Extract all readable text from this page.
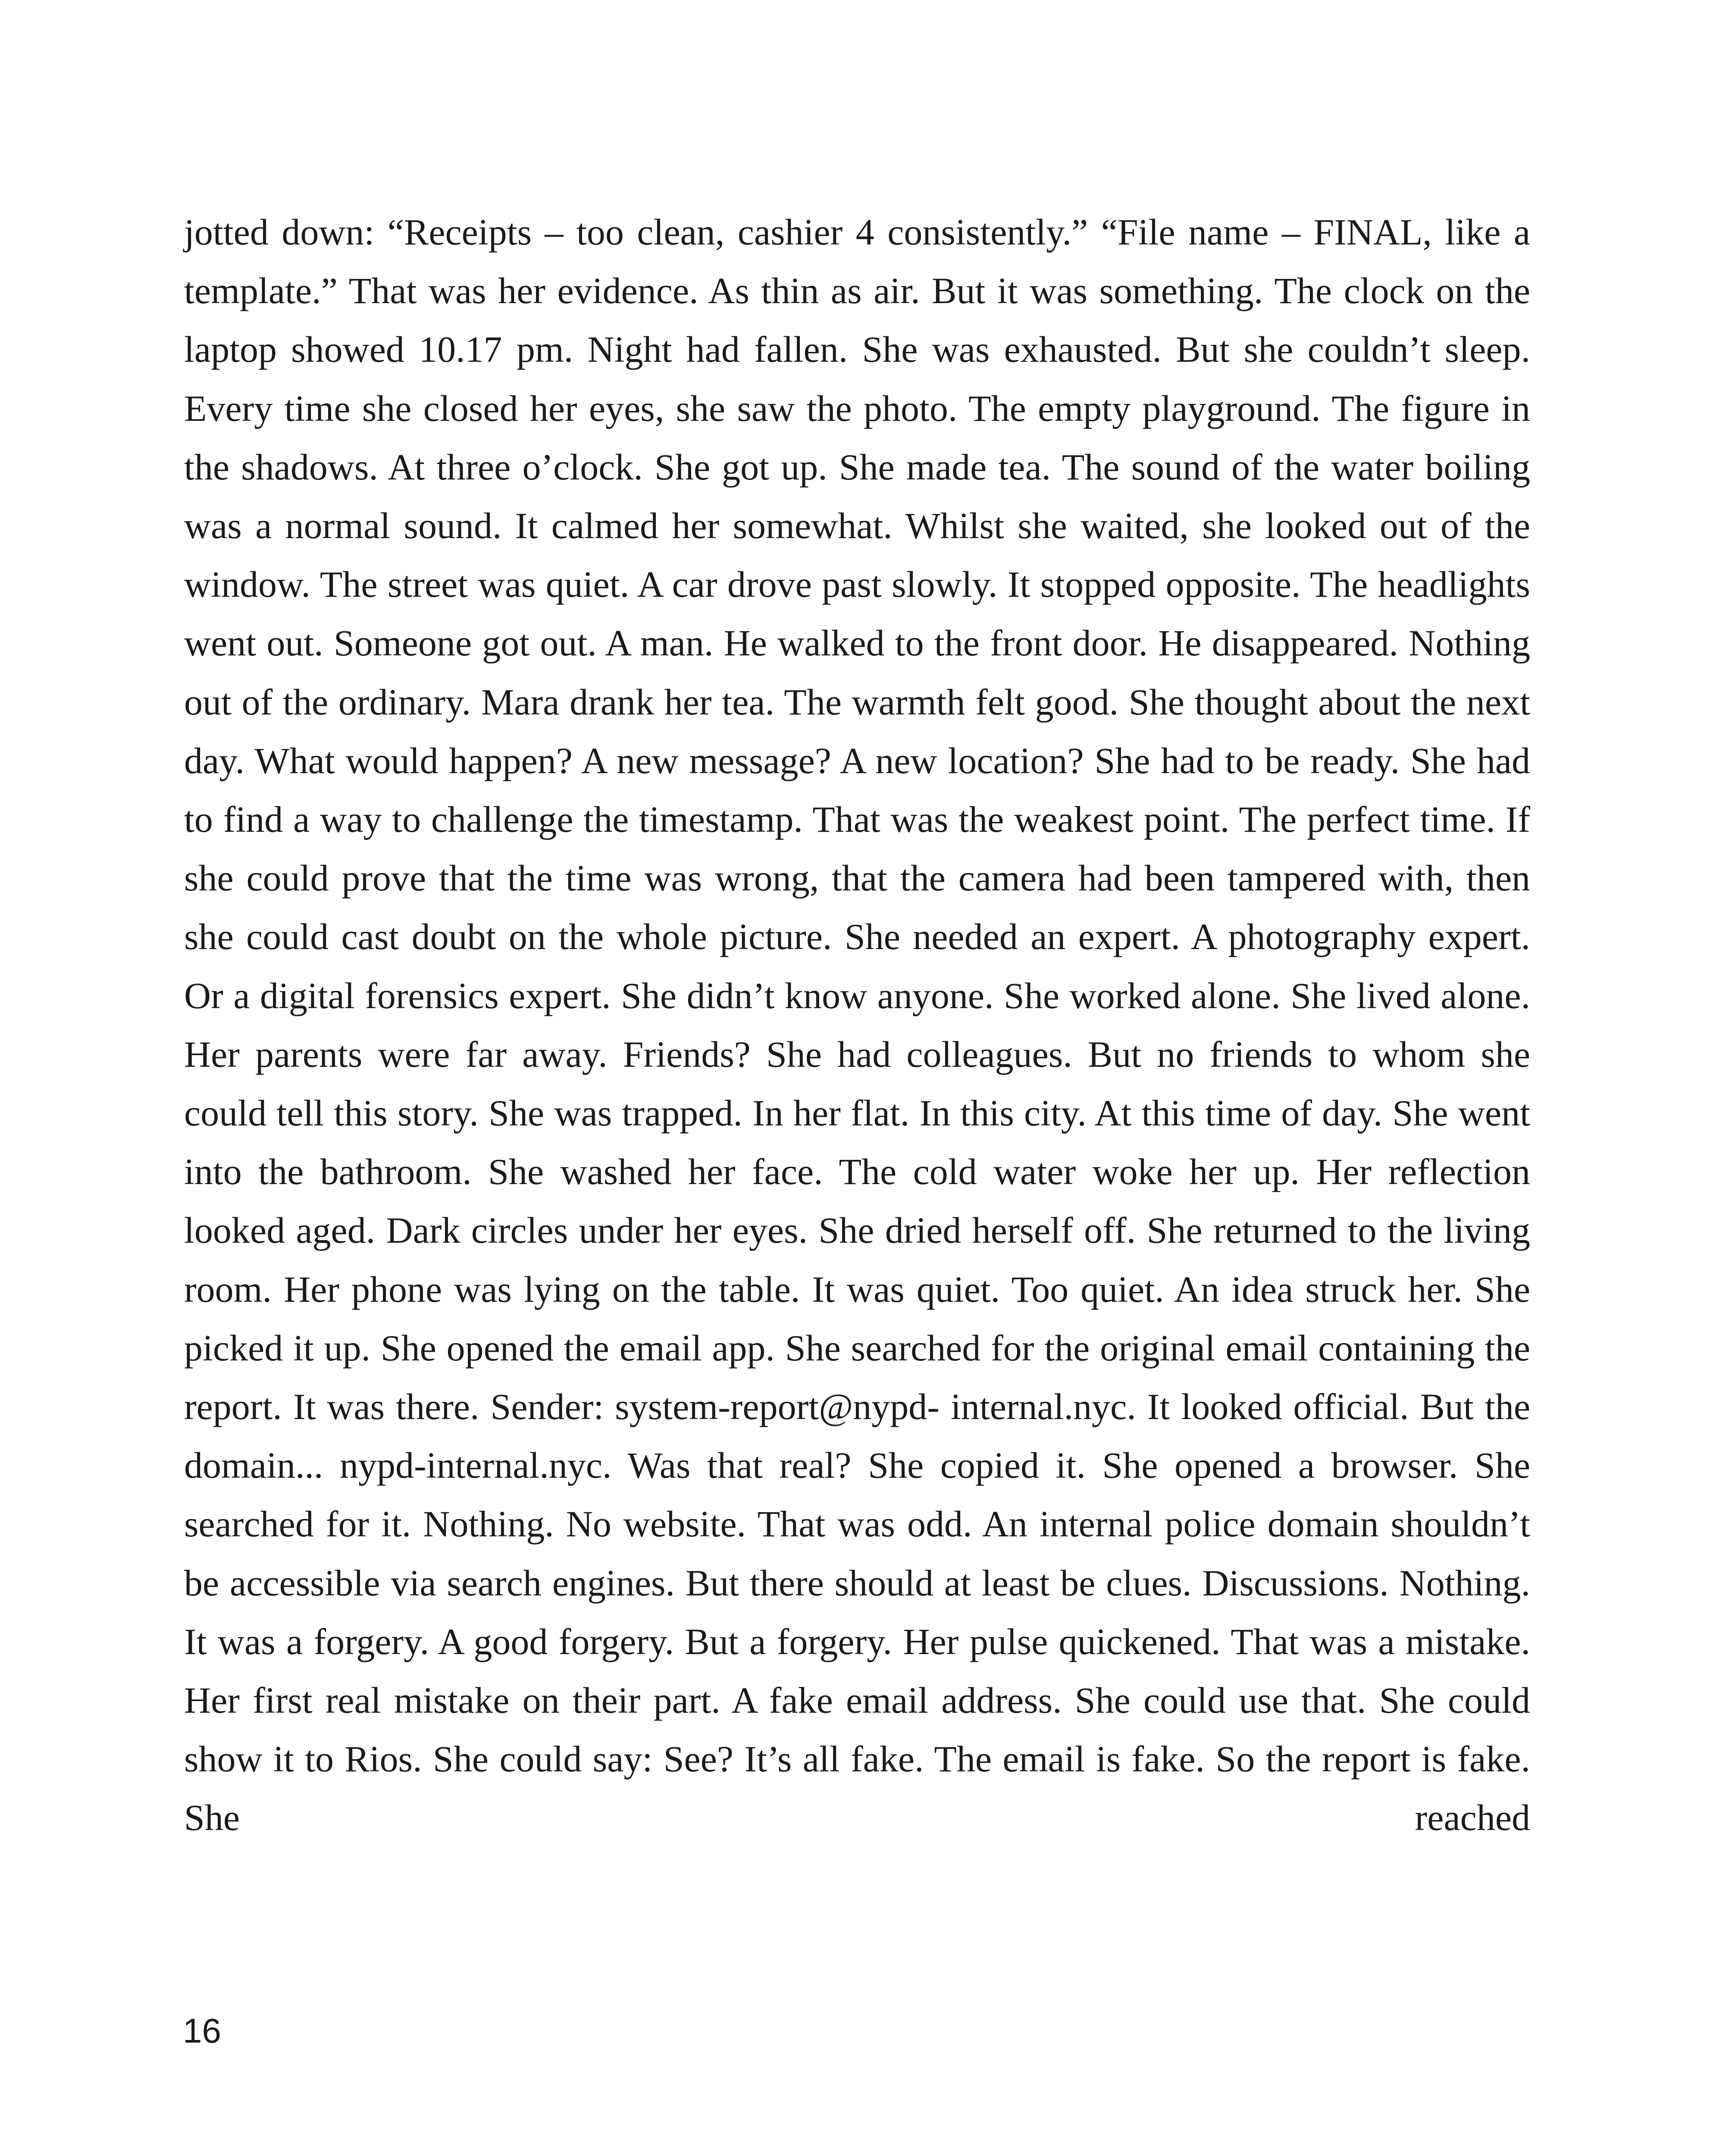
jotted down: “Receipts – too clean, cashier 4 consistently.” “File name – FINAL, like a template.” That was her evidence. As thin as air. But it was something. The clock on the laptop showed 10.17 pm. Night had fallen. She was exhausted. But she couldn’t sleep. Every time she closed her eyes, she saw the photo. The empty playground. The figure in the shadows. At three o’clock. She got up. She made tea. The sound of the water boiling was a normal sound. It calmed her somewhat. Whilst she waited, she looked out of the window. The street was quiet. A car drove past slowly. It stopped opposite. The headlights went out. Someone got out. A man. He walked to the front door. He disappeared. Nothing out of the ordinary. Mara drank her tea. The warmth felt good. She thought about the next day. What would happen? A new message? A new location? She had to be ready. She had to find a way to challenge the timestamp. That was the weakest point. The perfect time. If she could prove that the time was wrong, that the camera had been tampered with, then she could cast doubt on the whole picture. She needed an expert. A photography expert. Or a digital forensics expert. She didn’t know anyone. She worked alone. She lived alone. Her parents were far away. Friends? She had colleagues. But no friends to whom she could tell this story. She was trapped. In her flat. In this city. At this time of day. She went into the bathroom. She washed her face. The cold water woke her up. Her reflection looked aged. Dark circles under her eyes. She dried herself off. She returned to the living room. Her phone was lying on the table. It was quiet. Too quiet. An idea struck her. She picked it up. She opened the email app. She searched for the original email containing the report. It was there. Sender: system-report@nypd- internal.nyc. It looked official. But the domain... nypd-internal.nyc. Was that real? She copied it. She opened a browser. She searched for it. Nothing. No website. That was odd. An internal police domain shouldn’t be accessible via search engines. But there should at least be clues. Discussions. Nothing. It was a forgery. A good forgery. But a forgery. Her pulse quickened. That was a mistake. Her first real mistake on their part. A fake email address. She could use that. She could show it to Rios. She could say: See? It’s all fake. The email is fake. So the report is fake. She reached

16
